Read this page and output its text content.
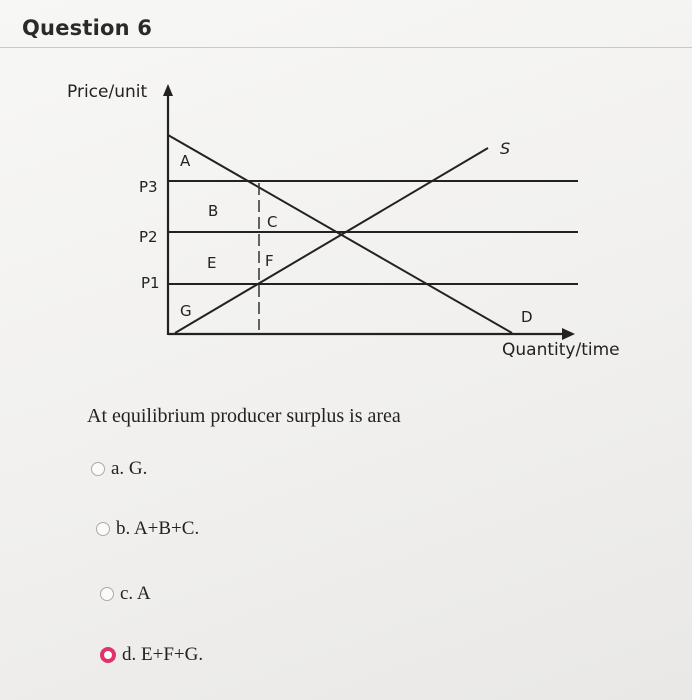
Question 6
Price/unit
Quantity/time
P3
P2
P1
S
D
A
B
C
E	F
G
At equilibrium producer surplus is area
a. G.
b. A+B+C.
c. A
d. E+F+G.
